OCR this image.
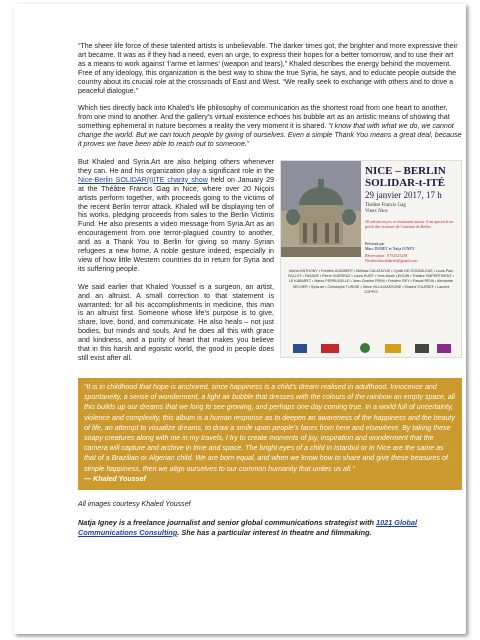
“The sheer life force of these talented artists is unbelievable. The darker times got, the brighter and more expressive their art became. It was as if they had a need, even an urge, to express their hopes for a better tomorrow, and to use their art as a means to work against ‘l’arme et larmes’ (weapon and tears),” Khaled describes the energy behind the movement. Free of any ideology, this organization is the best way to show the true Syria, he says, and to educate people outside the country about its crucial role at the crossroads of East and West. “We really seek to exchange with others and to drive a peaceful dialogue.”

Which ties directly back into Khaled’s life philosophy of communication as the shortest road from one heart to another, from one mind to another. And the gallery’s virtual existence echoes his bubble art as an artistic means of showing that something ephemeral in nature becomes a reality the very moment it is shared. “I know that with what we do, we cannot change the world. But we can touch people by giving of ourselves. Even a simple Thank You means a great deal, because it proves we have been able to reach out to someone.”

NICE – BERLIN
SOLIDAR-t-ITÉ
29 janvier 2017, 17 h
Théâtre Francis Gag
Vieux Nice
20 artistes niçois se réunissent autour d’un spectacle au profit des victimes de l’attentat de Berlin
Présenté par
Marc DUBET et Natja IGNEY
Réservation : 0752525238
Niceberlinsolidarite@gmail.com
Michel ANTHONY • Frédéric AUDIBERT • Mélissa CALATAYUD • Cyrille DE GONZALDUE • Louis-Paul FALLOT • FASADE • Pierre GUERRAZ • Laura HURT • Yves-Marie LEGUIN • Théâtre l’IMPERTINENT • LE KABARET • Marco PERRUGELLE • Jean-Charles PRINI • Frédéric REY • Pascal REVA • Alexandre SECHER • Syria.art • Christophe TURGIE • Steve VILLA MASSONE • Khaled YOUSSEF • Laurent ZOPPIS

But Khaled and Syria.Art are also helping others whenever they can. He and his organization play a significant role in the Nice-Berlin SOLIDAR(t)ITE charity show held on January 29 at the Théâtre Francis Gag in Nice, where over 20 Niçois artists perform together, with proceeds going to the victims of the recent Berlin terror attack. Khaled will be displaying ten of his works, pledging proceeds from sales to the Berlin Victims Fund. He also presents a video message from Syria.Art as an encouragement from one terror-plagued country to another, and as a Thank You to Berlin for giving so many Syrian refugees a new home. A noble gesture indeed, especially in view of how little Western countries do in return for Syria and its suffering people.

We said earlier that Khaled Youssef is a surgeon, an artist, and an altruist. A small correction to that statement is warranted: for all his accomplishments in medicine, this man is an altruist first. Someone whose life’s purpose is to give, share, love, bond, and communicate. He also heals – not just bodies, but minds and souls. And he does all this with grace and kindness, and a purity of heart that makes you believe that in this harsh and egoistic world, the good in people does still exist after all.

“It is in childhood that hope is anchored, since happiness is a child’s dream realised in adulthood. Innocence and spontaneity, a sense of wonderment, a light air bubble that dresses with the colours of the rainbow an empty space, all this builds up our dreams that we long to see growing, and perhaps one day coming true. In a world full of uncertainty, violence and complexity, this album is a human response as to deepen an awareness of the happiness and the beauty of life, an attempt to visualize dreams, to draw a smile upon people’s faces from here and elsewhere. By taking these soapy creatures along with me in my travels, I try to create moments of joy, inspiration and wonderment that the camera will capture and archive in time and space. The bright eyes of a child in Istanbul or in Nice are the same as that of a Brazilian or Algerian child. We are born equal, and when we know how to share and give these treasures of simple happiness, then we align ourselves to our common humanity that unites us all.”
— Khaled Youssef

All images courtesy Khaled Youssef

Natja Igney is a freelance journalist and senior global communications strategist with 1021 Global Communications Consulting. She has a particular interest in theatre and filmmaking.
